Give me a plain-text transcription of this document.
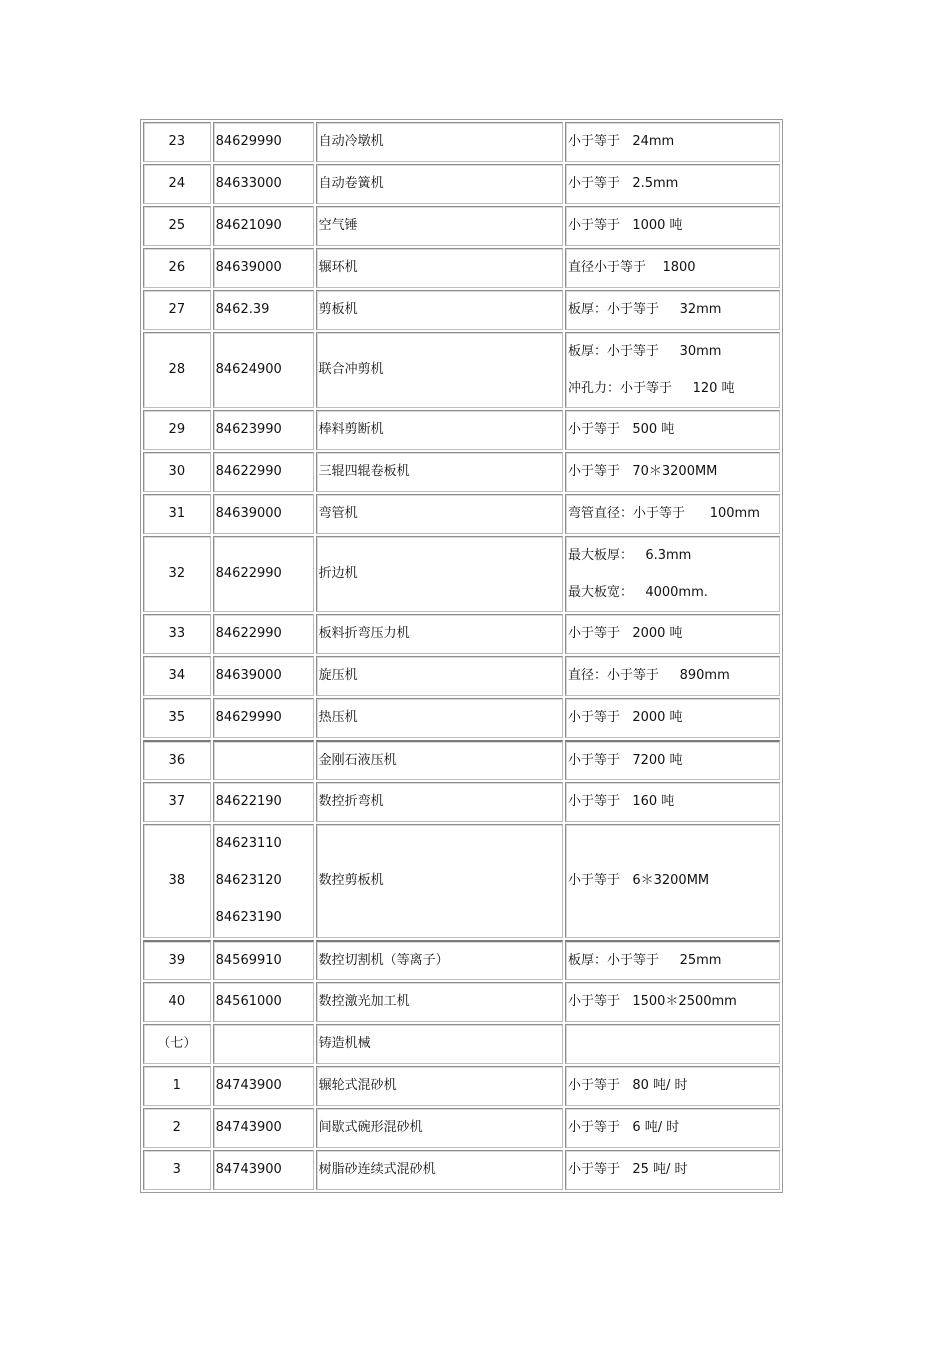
23	84629990	自动冷墩机	小于等于   24mm

24	84633000	自动卷簧机	小于等于   2.5mm

25	84621090	空气锤	小于等于   1000 吨

26	84639000	辗环机	直径小于等于    1800

27	8462.39	剪板机	板厚：小于等于     32mm

28	84624900	联合冲剪机	板厚：小于等于     30mm
冲孔力：小于等于     120 吨

29	84623990	棒料剪断机	小于等于   500 吨

30	84622990	三辊四辊卷板机	小于等于   70＊3200MM

31	84639000	弯管机	弯管直径：小于等于      100mm

32	84622990	折边机	最大板厚：   6.3mm
最大板宽：   4000mm.

33	84622990	板料折弯压力机	小于等于   2000 吨

34	84639000	旋压机	直径：小于等于     890mm

35	84629990	热压机	小于等于   2000 吨

36		金刚石液压机	小于等于   7200 吨

37	84622190	数控折弯机	小于等于   160 吨

38	84623110
84623120
84623190	数控剪板机	小于等于   6＊3200MM

39	84569910	数控切割机（等离子）	板厚：小于等于     25mm

40	84561000	数控激光加工机	小于等于   1500＊2500mm

（七）		铸造机械	

1	84743900	辗轮式混砂机	小于等于   80 吨/ 时

2	84743900	间歇式碗形混砂机	小于等于   6 吨/ 时

3	84743900	树脂砂连续式混砂机	小于等于   25 吨/ 时
